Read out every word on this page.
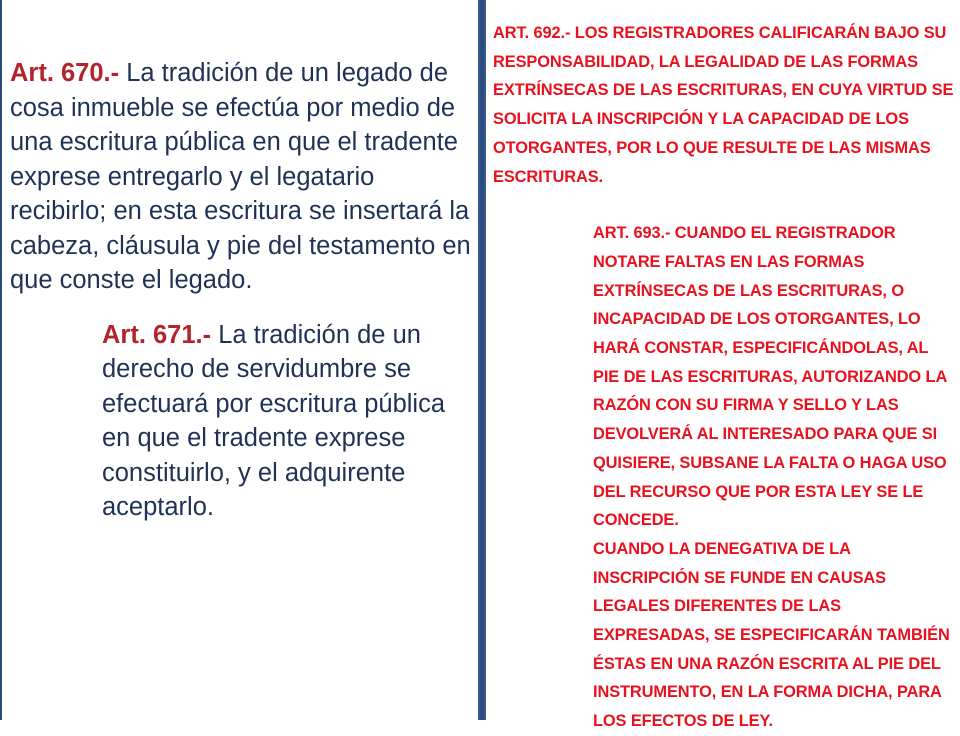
Art. 670.- La tradición de un legado de cosa inmueble se efectúa por medio de una escritura pública en que el tradente exprese entregarlo y el legatario recibirlo; en esta escritura se insertará la cabeza, cláusula y pie del testamento en que conste el legado.

Art. 671.- La tradición de un derecho de servidumbre se efectuará por escritura pública en que el tradente exprese constituirlo, y el adquirente aceptarlo.

ART. 692.- LOS REGISTRADORES CALIFICARÁN BAJO SU RESPONSABILIDAD, LA LEGALIDAD DE LAS FORMAS EXTRÍNSECAS DE LAS ESCRITURAS, EN CUYA VIRTUD SE SOLICITA LA INSCRIPCIÓN Y LA CAPACIDAD DE LOS OTORGANTES, POR LO QUE RESULTE DE LAS MISMAS ESCRITURAS.

ART. 693.- CUANDO EL REGISTRADOR NOTARE FALTAS EN LAS FORMAS EXTRÍNSECAS DE LAS ESCRITURAS, O INCAPACIDAD DE LOS OTORGANTES, LO HARÁ CONSTAR, ESPECIFICÁNDOLAS, AL PIE DE LAS ESCRITURAS, AUTORIZANDO LA RAZÓN CON SU FIRMA Y SELLO Y LAS DEVOLVERÁ AL INTERESADO PARA QUE SI QUISIERE, SUBSANE LA FALTA O HAGA USO DEL RECURSO QUE POR ESTA LEY SE LE CONCEDE.

CUANDO LA DENEGATIVA DE LA INSCRIPCIÓN SE FUNDE EN CAUSAS LEGALES DIFERENTES DE LAS EXPRESADAS, SE ESPECIFICARÁN TAMBIÉN ÉSTAS EN UNA RAZÓN ESCRITA AL PIE DEL INSTRUMENTO, EN LA FORMA DICHA, PARA LOS EFECTOS DE LEY.
